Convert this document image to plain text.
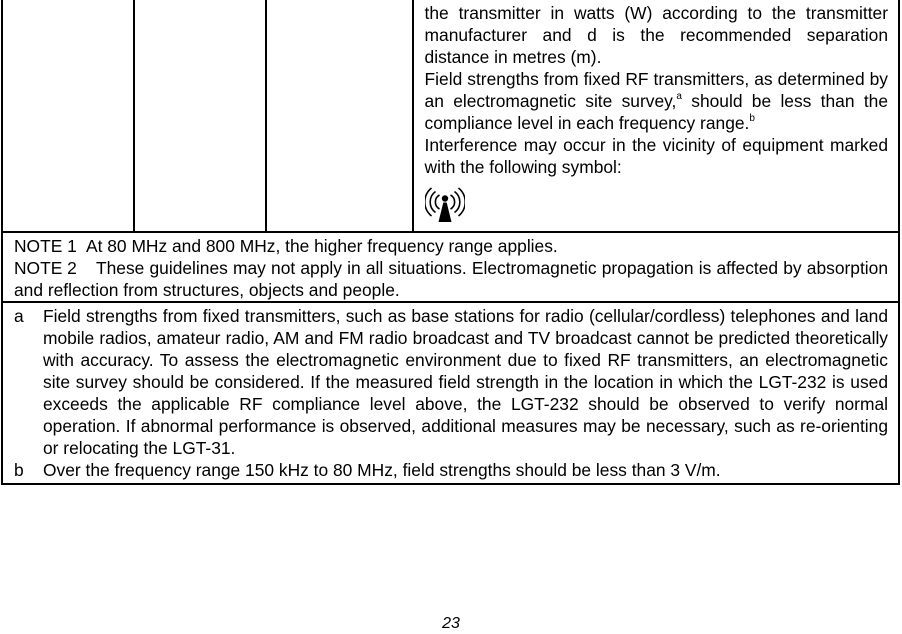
the transmitter in watts (W) according to the transmitter manufacturer and d is the recommended separation distance in metres (m).

Field strengths from fixed RF transmitters, as determined by an electromagnetic site survey,$^a$ should be less than the compliance level in each frequency range.$^b$

Interference may occur in the vicinity of equipment marked with the following symbol:

NOTE 1 At 80 MHz and 800 MHz, the higher frequency range applies.

NOTE 2 These guidelines may not apply in all situations. Electromagnetic propagation is affected by absorption and reflection from structures, objects and people.

a Field strengths from fixed transmitters, such as base stations for radio (cellular/cordless) telephones and land mobile radios, amateur radio, AM and FM radio broadcast and TV broadcast cannot be predicted theoretically with accuracy. To assess the electromagnetic environment due to fixed RF transmitters, an electromagnetic site survey should be considered. If the measured field strength in the location in which the LGT-232 is used exceeds the applicable RF compliance level above, the LGT-232 should be observed to verify normal operation. If abnormal performance is observed, additional measures may be necessary, such as re-orienting or relocating the LGT-31.

b Over the frequency range 150 kHz to 80 MHz, field strengths should be less than 3 V/m.

23
